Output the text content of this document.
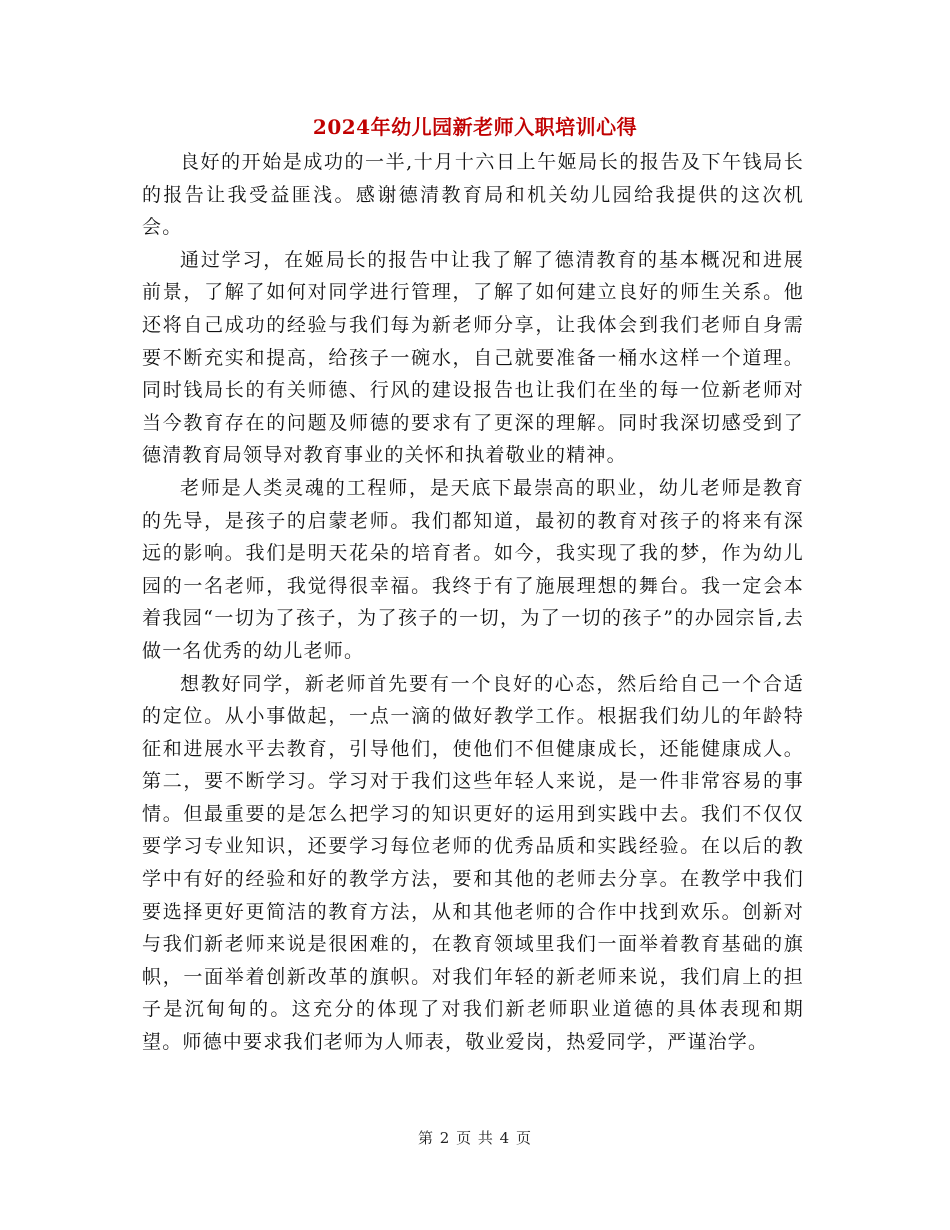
2024年幼儿园新老师入职培训心得

良好的开始是成功的一半,十月十六日上午姬局长的报告及下午钱局长的报告让我受益匪浅。感谢德清教育局和机关幼儿园给我提供的这次机会。

通过学习，在姬局长的报告中让我了解了德清教育的基本概况和进展前景，了解了如何对同学进行管理，了解了如何建立良好的师生关系。他还将自己成功的经验与我们每为新老师分享，让我体会到我们老师自身需要不断充实和提高，给孩子一碗水，自己就要准备一桶水这样一个道理。同时钱局长的有关师德、行风的建设报告也让我们在坐的每一位新老师对当今教育存在的问题及师德的要求有了更深的理解。同时我深切感受到了德清教育局领导对教育事业的关怀和执着敬业的精神。

老师是人类灵魂的工程师，是天底下最崇高的职业，幼儿老师是教育的先导，是孩子的启蒙老师。我们都知道，最初的教育对孩子的将来有深远的影响。我们是明天花朵的培育者。如今，我实现了我的梦，作为幼儿园的一名老师，我觉得很幸福。我终于有了施展理想的舞台。我一定会本着我园“一切为了孩子，为了孩子的一切，为了一切的孩子”的办园宗旨,去做一名优秀的幼儿老师。

想教好同学，新老师首先要有一个良好的心态，然后给自己一个合适的定位。从小事做起，一点一滴的做好教学工作。根据我们幼儿的年龄特征和进展水平去教育，引导他们，使他们不但健康成长，还能健康成人。第二，要不断学习。学习对于我们这些年轻人来说，是一件非常容易的事情。但最重要的是怎么把学习的知识更好的运用到实践中去。我们不仅仅要学习专业知识，还要学习每位老师的优秀品质和实践经验。在以后的教学中有好的经验和好的教学方法，要和其他的老师去分享。在教学中我们要选择更好更简洁的教育方法，从和其他老师的合作中找到欢乐。创新对与我们新老师来说是很困难的，在教育领域里我们一面举着教育基础的旗帜，一面举着创新改革的旗帜。对我们年轻的新老师来说，我们肩上的担子是沉甸甸的。这充分的体现了对我们新老师职业道德的具体表现和期望。师德中要求我们老师为人师表，敬业爱岗，热爱同学，严谨治学。

第 2 页 共 4 页
